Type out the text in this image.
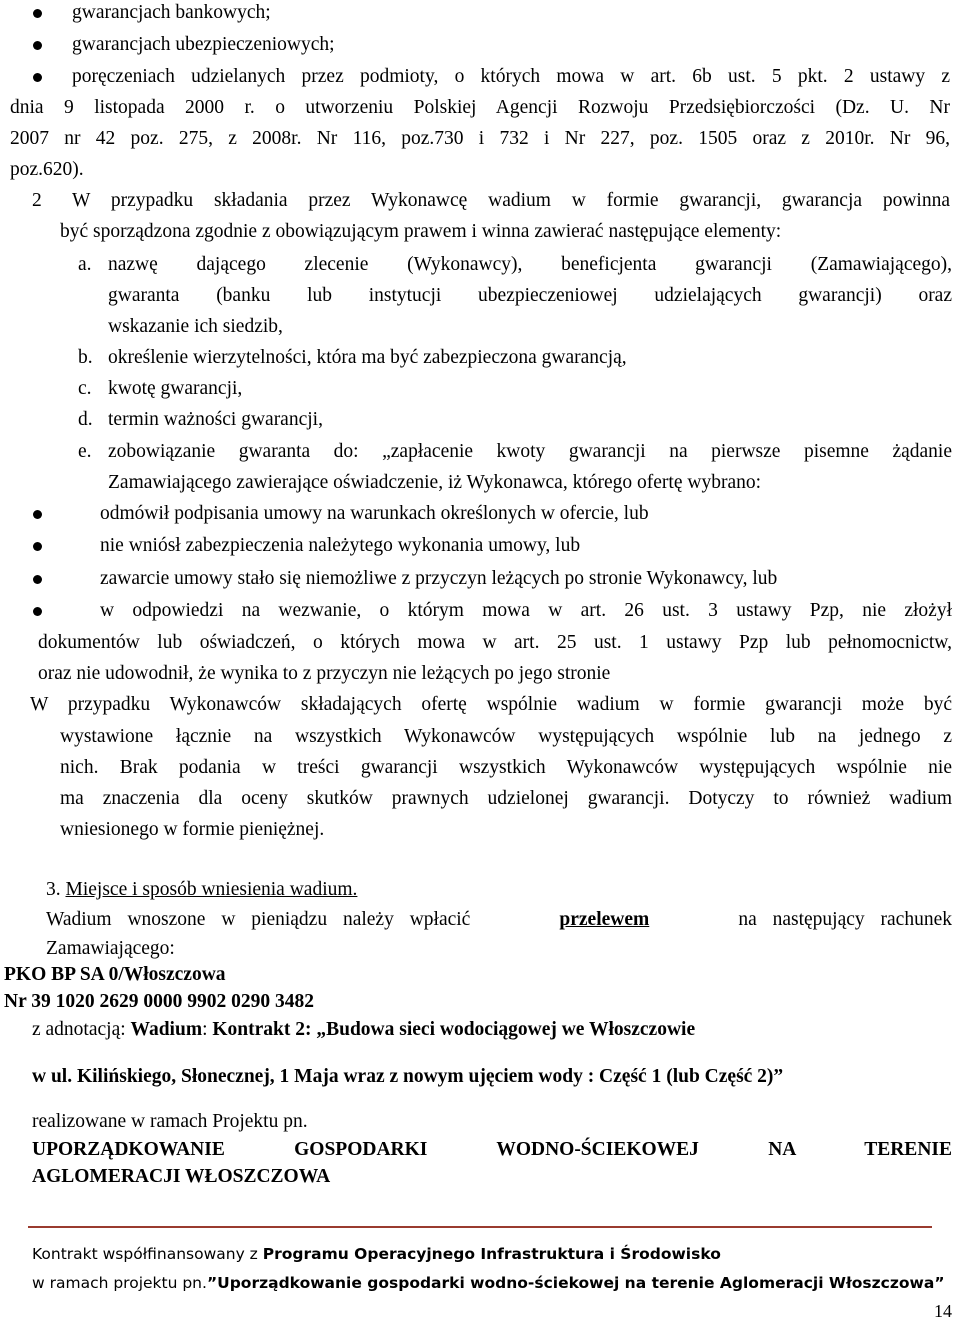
gwarancjach bankowych;
gwarancjach ubezpieczeniowych;
poręczeniach udzielanych przez podmioty, o których mowa w art. 6b ust. 5 pkt. 2 ustawy z
dnia 9 listopada 2000 r. o utworzeniu Polskiej Agencji Rozwoju Przedsiębiorczości (Dz. U. Nr
2007 nr 42 poz. 275, z 2008r. Nr 116, poz.730 i 732 i Nr 227, poz. 1505 oraz z 2010r. Nr 96,
poz.620).
2 W przypadku składania przez Wykonawcę wadium w formie gwarancji, gwarancja powinna
być sporządzona zgodnie z obowiązującym prawem i winna zawierać następujące elementy:
a. nazwę dającego zlecenie (Wykonawcy), beneficjenta gwarancji (Zamawiającego),
gwaranta (banku lub instytucji ubezpieczeniowej udzielających gwarancji) oraz
wskazanie ich siedzib,
b. określenie wierzytelności, która ma być zabezpieczona gwarancją,
c. kwotę gwarancji,
d. termin ważności gwarancji,
e. zobowiązanie gwaranta do: „zapłacenie kwoty gwarancji na pierwsze pisemne żądanie
Zamawiającego zawierające oświadczenie, iż Wykonawca, którego ofertę wybrano:
odmówił podpisania umowy na warunkach określonych w ofercie, lub
nie wniósł zabezpieczenia należytego wykonania umowy, lub
zawarcie umowy stało się niemożliwe z przyczyn leżących po stronie Wykonawcy, lub
w odpowiedzi na wezwanie, o którym mowa w art. 26 ust. 3 ustawy Pzp, nie złożył
dokumentów lub oświadczeń, o których mowa w art. 25 ust. 1 ustawy Pzp lub pełnomocnictw,
oraz nie udowodnił, że wynika to z przyczyn nie leżących po jego stronie
W przypadku Wykonawców składających ofertę wspólnie wadium w formie gwarancji może być
wystawione łącznie na wszystkich Wykonawców występujących wspólnie lub na jednego z
nich. Brak podania w treści gwarancji wszystkich Wykonawców występujących wspólnie nie
ma znaczenia dla oceny skutków prawnych udzielonej gwarancji. Dotyczy to również wadium
wniesionego w formie pieniężnej.
3. Miejsce i sposób wniesienia wadium.
Wadium wnoszone w pieniądzu należy wpłacić	przelewem	na następujący rachunek
Zamawiającego:
PKO BP SA 0/Włoszczowa
Nr 39 1020 2629 0000 9902 0290 3482
z adnotacją: Wadium: Kontrakt 2: „Budowa sieci wodociągowej we Włoszczowie
w ul. Kilińskiego, Słonecznej, 1 Maja wraz z nowym ujęciem wody : Część 1 (lub Część 2)”
realizowane w ramach Projektu pn.
UPORZĄDKOWANIE GOSPODARKI WODNO-ŚCIEKOWEJ NA TERENIE
AGLOMERACJI WŁOSZCZOWA
Kontrakt współfinansowany z Programu Operacyjnego Infrastruktura i Środowisko
w ramach projektu pn.”Uporządkowanie gospodarki wodno-ściekowej na terenie Aglomeracji Włoszczowa”
14
